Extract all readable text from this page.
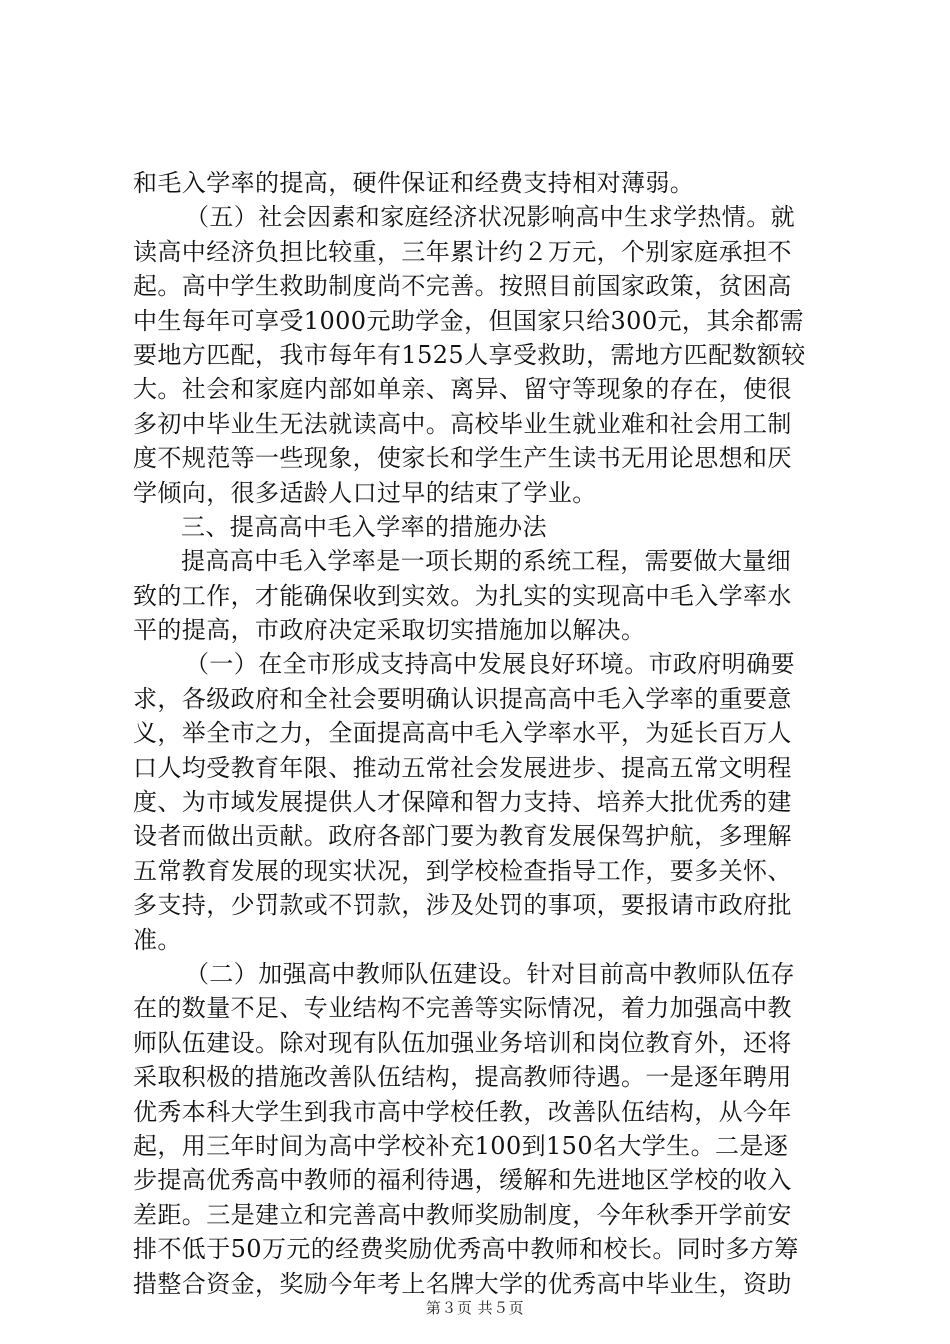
和毛入学率的提高，硬件保证和经费支持相对薄弱。
（五）社会因素和家庭经济状况影响高中生求学热情。就
读高中经济负担比较重，三年累计约２万元，个别家庭承担不
起。高中学生救助制度尚不完善。按照目前国家政策，贫困高
中生每年可享受1000元助学金，但国家只给300元，其余都需
要地方匹配，我市每年有1525人享受救助，需地方匹配数额较
大。社会和家庭内部如单亲、离异、留守等现象的存在，使很
多初中毕业生无法就读高中。高校毕业生就业难和社会用工制
度不规范等一些现象，使家长和学生产生读书无用论思想和厌
学倾向，很多适龄人口过早的结束了学业。
三、提高高中毛入学率的措施办法
提高高中毛入学率是一项长期的系统工程，需要做大量细
致的工作，才能确保收到实效。为扎实的实现高中毛入学率水
平的提高，市政府决定采取切实措施加以解决。
（一）在全市形成支持高中发展良好环境。市政府明确要
求，各级政府和全社会要明确认识提高高中毛入学率的重要意
义，举全市之力，全面提高高中毛入学率水平，为延长百万人
口人均受教育年限、推动五常社会发展进步、提高五常文明程
度、为市域发展提供人才保障和智力支持、培养大批优秀的建
设者而做出贡献。政府各部门要为教育发展保驾护航，多理解
五常教育发展的现实状况，到学校检查指导工作，要多关怀、
多支持，少罚款或不罚款，涉及处罚的事项，要报请市政府批
准。
（二）加强高中教师队伍建设。针对目前高中教师队伍存
在的数量不足、专业结构不完善等实际情况，着力加强高中教
师队伍建设。除对现有队伍加强业务培训和岗位教育外，还将
采取积极的措施改善队伍结构，提高教师待遇。一是逐年聘用
优秀本科大学生到我市高中学校任教，改善队伍结构，从今年
起，用三年时间为高中学校补充100到150名大学生。二是逐
步提高优秀高中教师的福利待遇，缓解和先进地区学校的收入
差距。三是建立和完善高中教师奖励制度，今年秋季开学前安
排不低于50万元的经费奖励优秀高中教师和校长。同时多方筹
措整合资金，奖励今年考上名牌大学的优秀高中毕业生，资助
第３页 共５页
